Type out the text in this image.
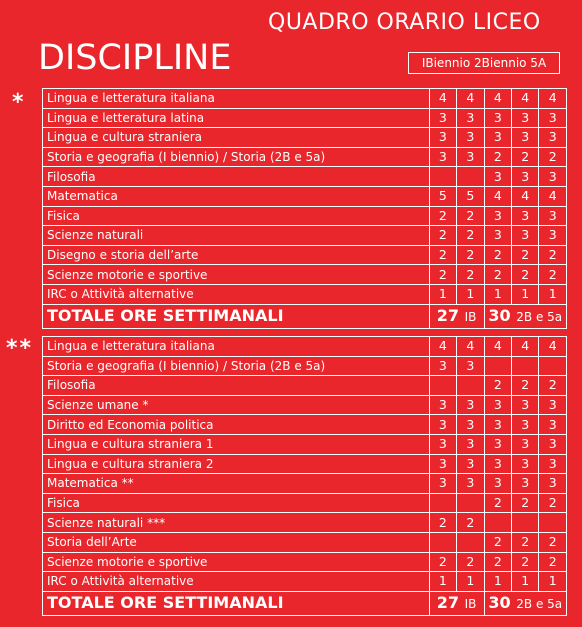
QUADRO ORARIO LICEO
DISCIPLINE	IBiennio 2Biennio 5A
*
**
Lingua e letteratura italiana	4	4	4	4	4
Lingua e letteratura latina	3	3	3	3	3
Lingua e cultura straniera	3	3	3	3	3
Storia e geografia (I biennio) / Storia (2B e 5a)	3	3	2	2	2
Filosofia			3	3	3
Matematica	5	5	4	4	4
Fisica	2	2	3	3	3
Scienze naturali	2	2	3	3	3
Disegno e storia dell’arte	2	2	2	2	2
Scienze motorie e sportive	2	2	2	2	2
IRC o Attività alternative	1	1	1	1	1
TOTALE ORE SETTIMANALI	27 IB		30 2B e 5a		
Lingua e letteratura italiana	4	4	4	4	4
Storia e geografia (I biennio) / Storia (2B e 5a)	3	3			
Filosofia			2	2	2
Scienze umane *	3	3	3	3	3
Diritto ed Economia politica	3	3	3	3	3
Lingua e cultura straniera 1	3	3	3	3	3
Lingua e cultura straniera 2	3	3	3	3	3
Matematica **	3	3	3	3	3
Fisica			2	2	2
Scienze naturali ***	2	2			
Storia dell’Arte			2	2	2
Scienze motorie e sportive	2	2	2	2	2
IRC o Attività alternative	1	1	1	1	1
TOTALE ORE SETTIMANALI	27 IB		30 2B e 5a		
